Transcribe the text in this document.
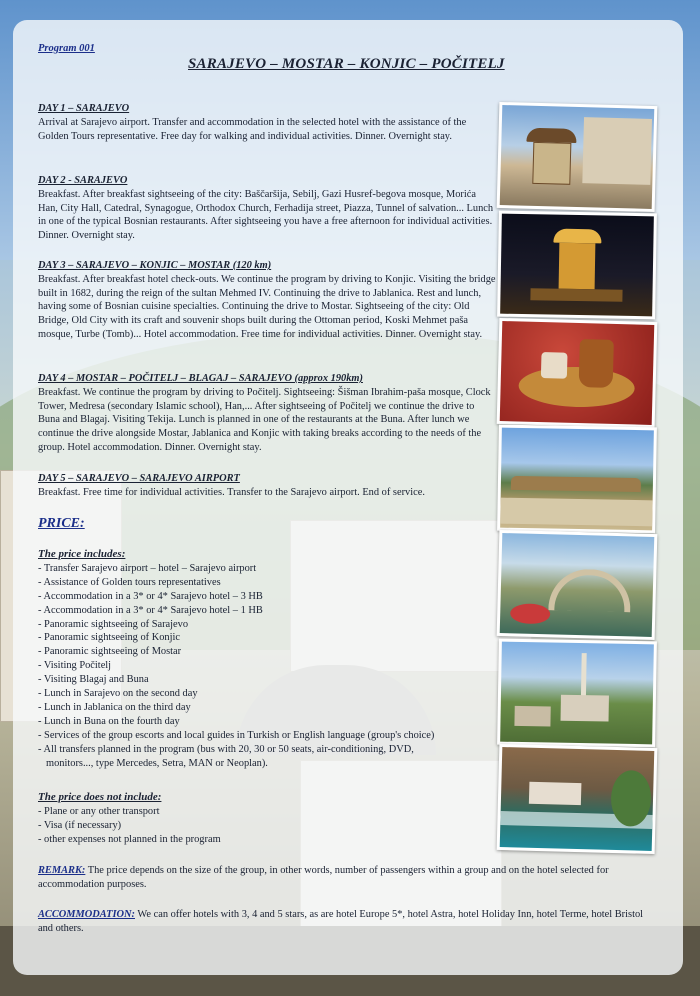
Program 001
SARAJEVO – MOSTAR – KONJIC – POČITELJ
DAY 1 – SARAJEVO

Arrival at Sarajevo airport. Transfer and accommodation in the selected hotel with the assistance of the Golden Tours representative. Free day for walking and individual activities. Dinner. Overnight stay.

DAY 2 - SARAJEVO

Breakfast. After breakfast sightseeing of the city: Baščaršija, Sebilj, Gazi Husref-begova mosque, Morića Han, City Hall, Catedral, Synagogue, Orthodox Church, Ferhadija street, Piazza, Tunnel of salvation... Lunch in one of the typical Bosnian restaurants. After sightseeing you have a free afternoon for individual activities. Dinner. Overnight stay.

DAY 3 – SARAJEVO – KONJIC – MOSTAR (120 km)

Breakfast. After breakfast hotel check-outs. We continue the program by driving to Konjic. Visiting the bridge built in 1682, during the reign of the sultan Mehmed IV. Continuing the drive to Jablanica. Rest and lunch, having some of Bosnian cuisine specialties. Continuing the drive to Mostar. Sightseeing of the city: Old Bridge, Old City with its craft and souvenir shops built during the Ottoman period, Koski Mehmet paša mosque, Turbe (Tomb)... Hotel accommodation. Free time for individual activities. Dinner. Overnight stay.

DAY 4 – MOSTAR – POČITELJ – BLAGAJ – SARAJEVO (approx 190km)

Breakfast. We continue the program by driving to Počitelj. Sightseeing: Šišman Ibrahim-paša mosque, Clock Tower, Medresa (secondary Islamic school), Han,... After sightseeing of Počitelj we continue the drive to Buna and Blagaj. Visiting Tekija. Lunch is planned in one of the restaurants at the Buna. After lunch we continue the drive alongside Mostar, Jablanica and Konjic with taking breaks according to the needs of the group. Hotel accommodation. Dinner. Overnight stay.

DAY 5 – SARAJEVO – SARAJEVO AIRPORT

Breakfast. Free time for individual activities. Transfer to the Sarajevo airport. End of service.

PRICE:
The price includes:
- Transfer Sarajevo airport – hotel – Sarajevo airport
- Assistance of Golden tours representatives
- Accommodation in a 3* or 4* Sarajevo hotel – 3 HB
- Accommodation in a 3* or 4* Sarajevo hotel – 1 HB
- Panoramic sightseeing of Sarajevo
- Panoramic sightseeing of Konjic
- Panoramic sightseeing of Mostar
- Visiting Počitelj
- Visiting Blagaj and Buna
- Lunch in Sarajevo on the second day
- Lunch in Jablanica on the third day
- Lunch in Buna on the fourth day
- Services of the group escorts and local guides in Turkish or English language (group's choice)
- All transfers planned in the program (bus with 20, 30 or 50 seats, air-conditioning, DVD,
monitors..., type Mercedes, Setra, MAN or Neoplan).
The price does not include:
- Plane or any other transport
- Visa (if necessary)
- other expenses not planned in the program

REMARK: The price depends on the size of the group, in other words, number of passengers within a group and on the hotel selected for accommodation purposes.

ACCOMMODATION: We can offer hotels with 3, 4 and 5 stars, as are hotel Europe 5*, hotel Astra, hotel Holiday Inn, hotel Terme, hotel Bristol and others.
